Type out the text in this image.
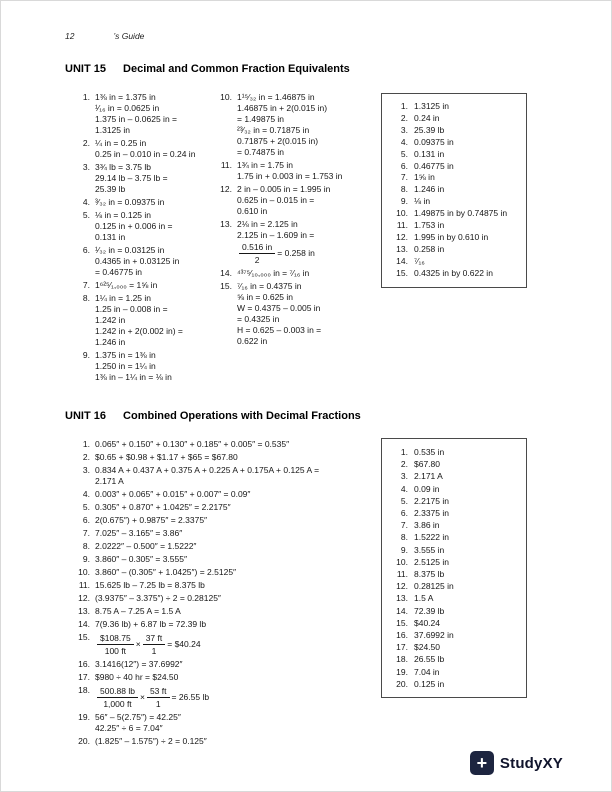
12	’s Guide
UNIT 15 Decimal and Common Fraction Equivalents
1. 1⅜ in = 1.375 in
¹⁄₁₆ in = 0.0625 in
1.375 in – 0.0625 in =
1.3125 in
2. ¼ in = 0.25 in
0.25 in – 0.010 in = 0.24 in
3. 3¾ lb = 3.75 lb
29.14 lb – 3.75 lb =
25.39 lb
4. ³⁄₃₂ in = 0.09375 in
5. ⅛ in = 0.125 in
0.125 in + 0.006 in =
0.131 in
6. ¹⁄₃₂ in = 0.03125 in
0.4365 in + 0.03125 in
= 0.46775 in
7. 1⁶²⁵⁄₁,₀₀₀ = 1⅝ in
8. 1¼ in = 1.25 in
1.25 in – 0.008 in =
1.242 in
1.242 in + 2(0.002 in) =
1.246 in
9. 1.375 in = 1⅜ in
1.250 in = 1¼ in
1⅜ in – 1¼ in = ⅛ in
10. 1¹⁵⁄₃₂ in = 1.46875 in
1.46875 in + 2(0.015 in)
= 1.49875 in
²³⁄₃₂ in = 0.71875 in
0.71875 + 2(0.015 in)
= 0.74875 in
11. 1¾ in = 1.75 in
1.75 in + 0.003 in = 1.753 in
12. 2 in – 0.005 in = 1.995 in
0.625 in – 0.015 in =
0.610 in
13. 2⅛ in = 2.125 in
2.125 in – 1.609 in =
$\frac{0.516 in}{2} = 0.258$ in
14. ⁴³⁷⁵⁄₁₀,₀₀₀ in = ⁷⁄₁₆ in
15. ⁷⁄₁₆ in = 0.4375 in
⅝ in = 0.625 in
W = 0.4375 – 0.005 in
= 0.4325 in
H = 0.625 – 0.003 in =
0.622 in
1. 1.3125 in
2. 0.24 in
3. 25.39 lb
4. 0.09375 in
5. 0.131 in
6. 0.46775 in
7. 1⅝ in
8. 1.246 in
9. ⅛ in
10. 1.49875 in by 0.74875 in
11. 1.753 in
12. 1.995 in by 0.610 in
13. 0.258 in
14. ⁷⁄₁₆
15. 0.4325 in by 0.622 in
UNIT 16 Combined Operations with Decimal Fractions
1. 0.065″ + 0.150″ + 0.130″ + 0.185″ + 0.005″ = 0.535″
2. $0.65 + $0.98 + $1.17 + $65 = $67.80
3. 0.834 A + 0.437 A + 0.375 A + 0.225 A + 0.175A + 0.125 A =
2.171 A
4. 0.003″ + 0.065″ + 0.015″ + 0.007″ = 0.09″
5. 0.305″ + 0.870″ + 1.0425″ = 2.2175″
6. 2(0.675″) + 0.9875″ = 2.3375″
7. 7.025″ – 3.165″ = 3.86″
8. 2.0222″ – 0.500″ = 1.5222″
9. 3.860″ – 0.305″ = 3.555″
10. 3.860″ – (0.305″ + 1.0425″) = 2.5125″
11. 15.625 lb – 7.25 lb = 8.375 lb
12. (3.9375″ – 3.375″) ÷ 2 = 0.28125″
13. 8.75 A – 7.25 A = 1.5 A
14. 7(9.36 lb) + 6.87 lb = 72.39 lb
15. $\frac{\$108.75}{100 ft} \times \frac{37 ft}{1}$ = $40.24
16. 3.1416(12″) = 37.6992″
17. $980 ÷ 40 hr = $24.50
18. $\frac{500.88 lb}{1,000 ft} \times \frac{53 ft}{1} = 26.55$ lb
19. 56″ – 5(2.75″) = 42.25″
42.25″ ÷ 6 = 7.04″
20. (1.825″ – 1.575″) ÷ 2 = 0.125″
1. 0.535 in
2. $67.80
3. 2.171 A
4. 0.09 in
5. 2.2175 in
6. 2.3375 in
7. 3.86 in
8. 1.5222 in
9. 3.555 in
10. 2.5125 in
11. 8.375 lb
12. 0.28125 in
13. 1.5 A
14. 72.39 lb
15. $40.24
16. 37.6992 in
17. $24.50
18. 26.55 lb
19. 7.04 in
20. 0.125 in
+ StudyXY
